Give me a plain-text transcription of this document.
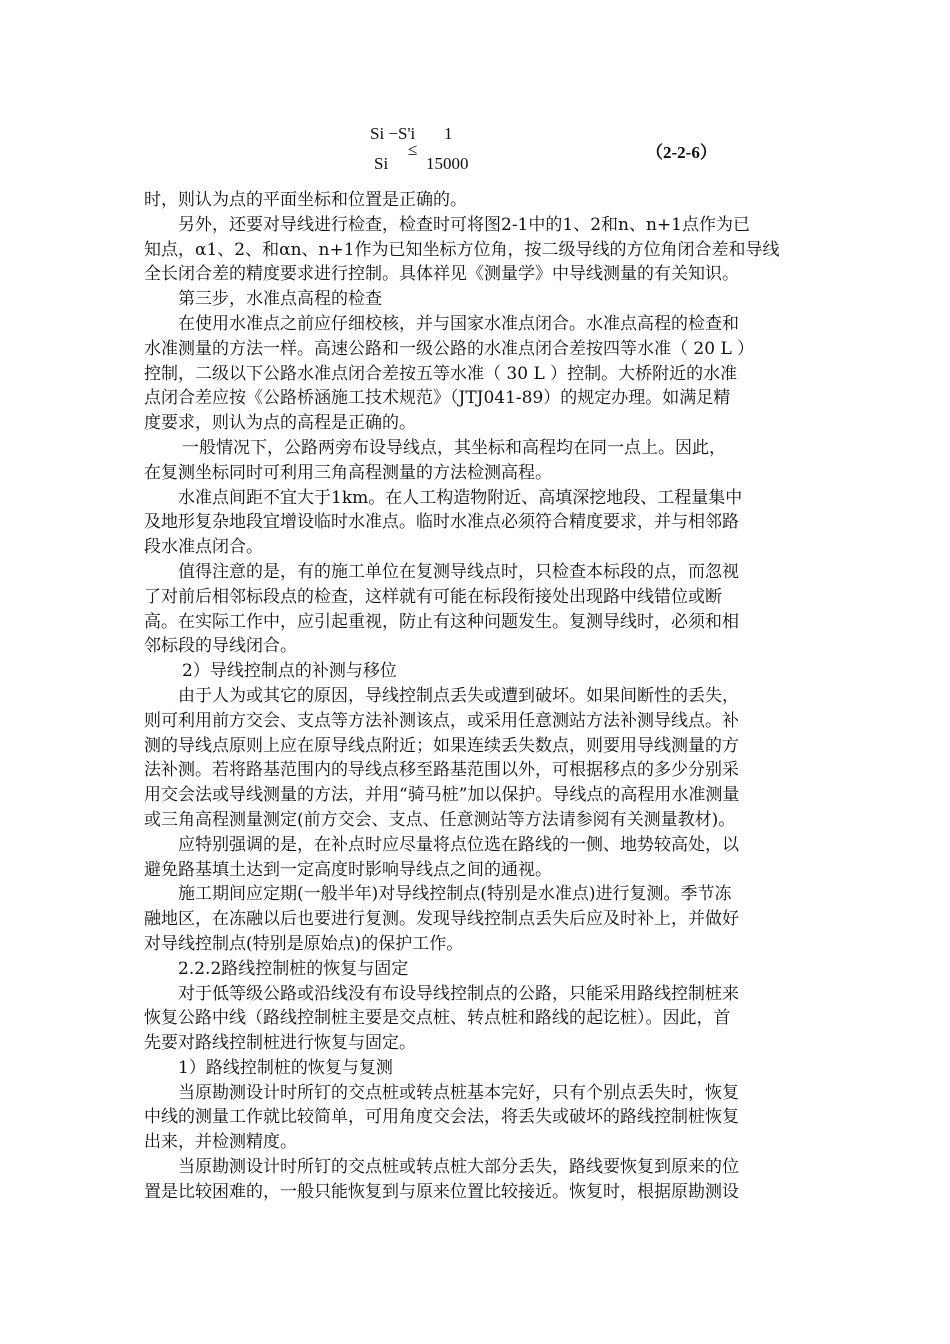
Si −S'i
Si
≤
1
15000
（2-2-6）
时，则认为点的平面坐标和位置是正确的。
另外，还要对导线进行检查，检查时可将图2-1中的1、2和n、n+1点作为已
知点，α1、2、和αn、n+1作为已知坐标方位角，按二级导线的方位角闭合差和导线
全长闭合差的精度要求进行控制。具体祥见《测量学》中导线测量的有关知识。
第三步，水准点高程的检查
在使用水准点之前应仔细校核，并与国家水准点闭合。水准点高程的检查和
水准测量的方法一样。高速公路和一级公路的水准点闭合差按四等水准（ 20 L ）
控制，二级以下公路水准点闭合差按五等水准（ 30 L ）控制。大桥附近的水准
点闭合差应按《公路桥涵施工技术规范》（JTJ041-89）的规定办理。如满足精
度要求，则认为点的高程是正确的。
一般情况下，公路两旁布设导线点，其坐标和高程均在同一点上。因此，
在复测坐标同时可利用三角高程测量的方法检测高程。
水准点间距不宜大于1km。在人工构造物附近、高填深挖地段、工程量集中
及地形复杂地段宜增设临时水准点。临时水准点必须符合精度要求，并与相邻路
段水准点闭合。
值得注意的是，有的施工单位在复测导线点时，只检查本标段的点，而忽视
了对前后相邻标段点的检查，这样就有可能在标段衔接处出现路中线错位或断
高。在实际工作中，应引起重视，防止有这种问题发生。复测导线时，必须和相
邻标段的导线闭合。
2）导线控制点的补测与移位
由于人为或其它的原因，导线控制点丢失或遭到破坏。如果间断性的丢失，
则可利用前方交会、支点等方法补测该点，或采用任意测站方法补测导线点。补
测的导线点原则上应在原导线点附近；如果连续丢失数点，则要用导线测量的方
法补测。若将路基范围内的导线点移至路基范围以外，可根据移点的多少分别采
用交会法或导线测量的方法，并用“骑马桩”加以保护。导线点的高程用水准测量
或三角高程测量测定(前方交会、支点、任意测站等方法请参阅有关测量教材)。
应特别强调的是，在补点时应尽量将点位选在路线的一侧、地势较高处，以
避免路基填土达到一定高度时影响导线点之间的通视。
施工期间应定期(一般半年)对导线控制点(特别是水准点)进行复测。季节冻
融地区，在冻融以后也要进行复测。发现导线控制点丢失后应及时补上，并做好
对导线控制点(特别是原始点)的保护工作。
2.2.2路线控制桩的恢复与固定
对于低等级公路或沿线没有布设导线控制点的公路，只能采用路线控制桩来
恢复公路中线（路线控制桩主要是交点桩、转点桩和路线的起讫桩）。因此，首
先要对路线控制桩进行恢复与固定。
1）路线控制桩的恢复与复测
当原勘测设计时所钉的交点桩或转点桩基本完好，只有个别点丢失时，恢复
中线的测量工作就比较简单，可用角度交会法，将丢失或破坏的路线控制桩恢复
出来，并检测精度。
当原勘测设计时所钉的交点桩或转点桩大部分丢失，路线要恢复到原来的位
置是比较困难的，一般只能恢复到与原来位置比较接近。恢复时，根据原勘测设
